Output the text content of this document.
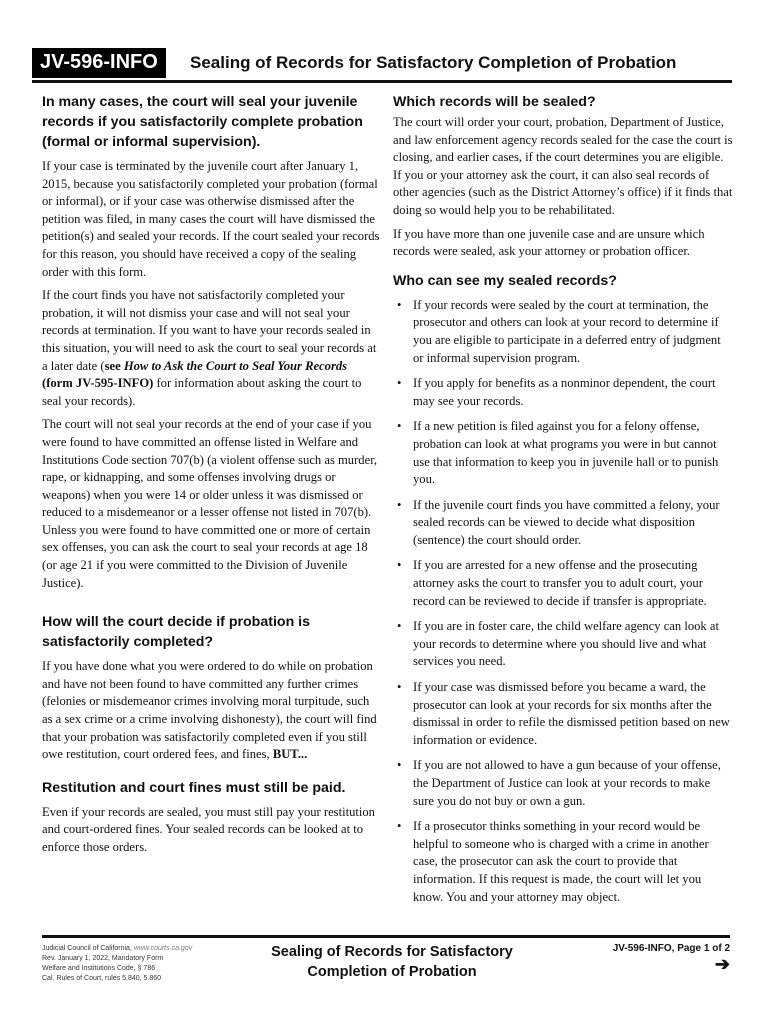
JV-596-INFO	Sealing of Records for Satisfactory Completion of Probation
In many cases, the court will seal your juvenile records if you satisfactorily complete probation (formal or informal supervision).

If your case is terminated by the juvenile court after January 1, 2015, because you satisfactorily completed your probation (formal or informal), or if your case was otherwise dismissed after the petition was filed, in many cases the court will have dismissed the petition(s) and sealed your records. If the court sealed your records for this reason, you should have received a copy of the sealing order with this form.

If the court finds you have not satisfactorily completed your probation, it will not dismiss your case and will not seal your records at termination. If you want to have your records sealed in this situation, you will need to ask the court to seal your records at a later date (see How to Ask the Court to Seal Your Records (form JV-595-INFO) for information about asking the court to seal your records).

The court will not seal your records at the end of your case if you were found to have committed an offense listed in Welfare and Institutions Code section 707(b) (a violent offense such as murder, rape, or kidnapping, and some offenses involving drugs or weapons) when you were 14 or older unless it was dismissed or reduced to a misdemeanor or a lesser offense not listed in 707(b). Unless you were found to have committed one or more of certain sex offenses, you can ask the court to seal your records at age 18 (or age 21 if you were committed to the Division of Juvenile Justice).

How will the court decide if probation is satisfactorily completed?

If you have done what you were ordered to do while on probation and have not been found to have committed any further crimes (felonies or misdemeanor crimes involving moral turpitude, such as a sex crime or a crime involving dishonesty), the court will find that your probation was satisfactorily completed even if you still owe restitution, court ordered fees, and fines, BUT...

Restitution and court fines must still be paid.

Even if your records are sealed, you must still pay your restitution and court-ordered fines. Your sealed records can be looked at to enforce those orders.

Which records will be sealed?

The court will order your court, probation, Department of Justice, and law enforcement agency records sealed for the case the court is closing, and earlier cases, if the court determines you are eligible. If you or your attorney ask the court, it can also seal records of other agencies (such as the District Attorney’s office) if it finds that doing so would help you to be rehabilitated.

If you have more than one juvenile case and are unsure which records were sealed, ask your attorney or probation officer.

Who can see my sealed records?
• If your records were sealed by the court at termination, the prosecutor and others can look at your record to determine if you are eligible to participate in a deferred entry of judgment or informal supervision program.
• If you apply for benefits as a nonminor dependent, the court may see your records.
• If a new petition is filed against you for a felony offense, probation can look at what programs you were in but cannot use that information to keep you in juvenile hall or to punish you.
• If the juvenile court finds you have committed a felony, your sealed records can be viewed to decide what disposition (sentence) the court should order.
• If you are arrested for a new offense and the prosecuting attorney asks the court to transfer you to adult court, your record can be reviewed to decide if transfer is appropriate.
• If you are in foster care, the child welfare agency can look at your records to determine where you should live and what services you need.
• If your case was dismissed before you became a ward, the prosecutor can look at your records for six months after the dismissal in order to refile the dismissed petition based on new information or evidence.
• If you are not allowed to have a gun because of your offense, the Department of Justice can look at your records to make sure you do not buy or own a gun.
• If a prosecutor thinks something in your record would be helpful to someone who is charged with a crime in another case, the prosecutor can ask the court to provide that information. If this request is made, the court will let you know. You and your attorney may object.
Judicial Council of California, www.courts.ca.gov
Rev. January 1, 2022, Mandatory Form
Welfare and Institutions Code, § 786
Cal. Rules of Court, rules 5.840, 5.860
Sealing of Records for Satisfactory
Completion of Probation
JV-596-INFO, Page 1 of 2
➔
